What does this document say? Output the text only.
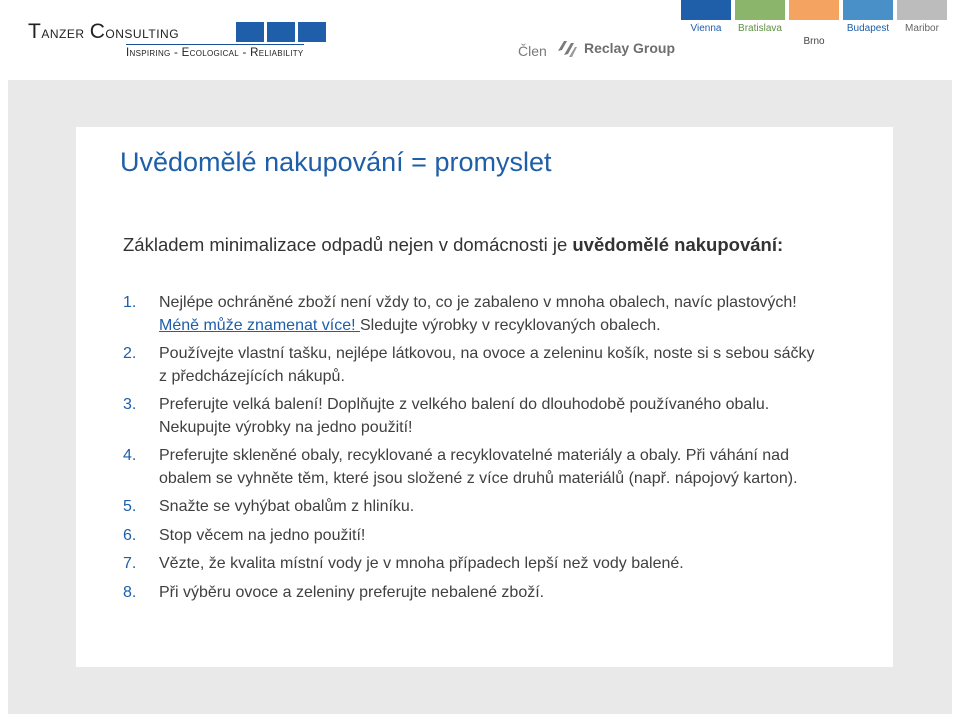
Tanzer Consulting
Inspiring - Ecological - Reliability	Člen	Reclay Group
Vienna	Bratislava
Brno
Budapest	Maribor
Uvědomělé nakupování = promyslet
Základem minimalizace odpadů nejen v domácnosti je uvědomělé nakupování:
1. Nejlépe ochráněné zboží není vždy to, co je zabaleno v mnoha obalech, navíc plastových! Méně může znamenat více! Sledujte výrobky v recyklovaných obalech.
2. Používejte vlastní tašku, nejlépe látkovou, na ovoce a zeleninu košík, noste si s sebou sáčky z předcházejících nákupů.
3. Preferujte velká balení! Doplňujte z velkého balení do dlouhodobě používaného obalu. Nekupujte výrobky na jedno použití!
4. Preferujte skleněné obaly, recyklované a recyklovatelné materiály a obaly. Při váhání nad obalem se vyhněte těm, které jsou složené z více druhů materiálů (např. nápojový karton).
5. Snažte se vyhýbat obalům z hliníku.
6. Stop věcem na jedno použití!
7. Vězte, že kvalita místní vody je v mnoha případech lepší než vody balené.
8. Při výběru ovoce a zeleniny preferujte nebalené zboží.
